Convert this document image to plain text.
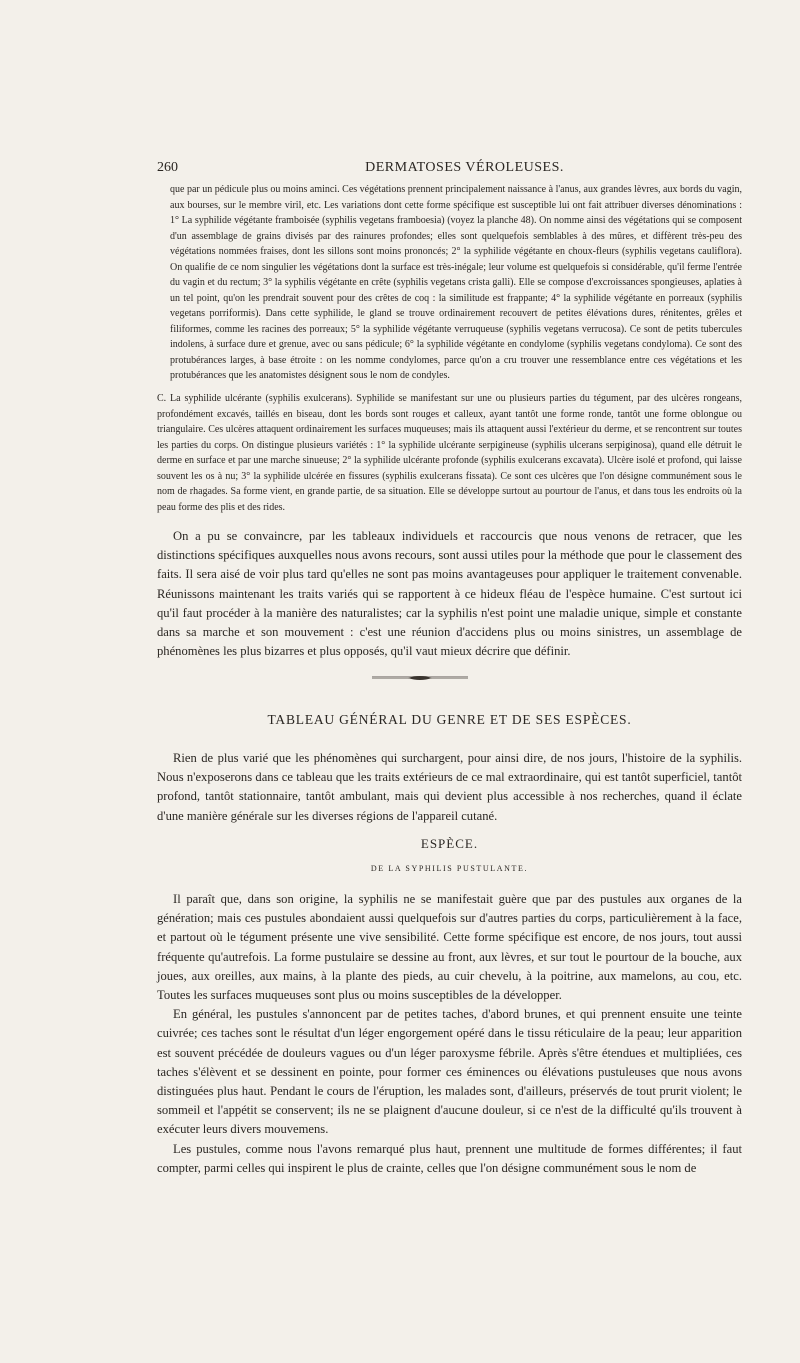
260	DERMATOSES VÉROLEUSES.

que par un pédicule plus ou moins aminci. Ces végétations prennent principalement naissance à l'anus, aux grandes lèvres, aux bords du vagin, aux bourses, sur le membre viril, etc. Les variations dont cette forme spécifique est susceptible lui ont fait attribuer diverses dénominations : 1° La syphilide végétante framboisée (syphilis vegetans framboesia) (voyez la planche 48). On nomme ainsi des végétations qui se composent d'un assemblage de grains divisés par des rainures profondes; elles sont quelquefois semblables à des mûres, et diffèrent très-peu des végétations nommées fraises, dont les sillons sont moins prononcés; 2° la syphilide végétante en choux-fleurs (syphilis vegetans cauliflora). On qualifie de ce nom singulier les végétations dont la surface est très-inégale; leur volume est quelquefois si considérable, qu'il ferme l'entrée du vagin et du rectum; 3° la syphilis végétante en crête (syphilis vegetans crista galli). Elle se compose d'excroissances spongieuses, aplaties à un tel point, qu'on les prendrait souvent pour des crêtes de coq : la similitude est frappante; 4° la syphilide végétante en porreaux (syphilis vegetans porriformis). Dans cette syphilide, le gland se trouve ordinairement recouvert de petites élévations dures, rénitentes, grêles et filiformes, comme les racines des porreaux; 5° la syphilide végétante verruqueuse (syphilis vegetans verrucosa). Ce sont de petits tubercules indolens, à surface dure et grenue, avec ou sans pédicule; 6° la syphilide végétante en condylome (syphilis vegetans condyloma). Ce sont des protubérances larges, à base étroite : on les nomme condylomes, parce qu'on a cru trouver une ressemblance entre ces végétations et les protubérances que les anatomistes désignent sous le nom de condyles.

C. La syphilide ulcérante (syphilis exulcerans). Syphilide se manifestant sur une ou plusieurs parties du tégument, par des ulcères rongeans, profondément excavés, taillés en biseau, dont les bords sont rouges et calleux, ayant tantôt une forme ronde, tantôt une forme oblongue ou triangulaire. Ces ulcères attaquent ordinairement les surfaces muqueuses; mais ils attaquent aussi l'extérieur du derme, et se rencontrent sur toutes les parties du corps. On distingue plusieurs variétés : 1° la syphilide ulcérante serpigineuse (syphilis ulcerans serpiginosa), quand elle détruit le derme en surface et par une marche sinueuse; 2° la syphilide ulcérante profonde (syphilis exulcerans excavata). Ulcère isolé et profond, qui laisse souvent les os à nu; 3° la syphilide ulcérée en fissures (syphilis exulcerans fissata). Ce sont ces ulcères que l'on désigne communément sous le nom de rhagades. Sa forme vient, en grande partie, de sa situation. Elle se développe surtout au pourtour de l'anus, et dans tous les endroits où la peau forme des plis et des rides.

On a pu se convaincre, par les tableaux individuels et raccourcis que nous venons de retracer, que les distinctions spécifiques auxquelles nous avons recours, sont aussi utiles pour la méthode que pour le classement des faits. Il sera aisé de voir plus tard qu'elles ne sont pas moins avantageuses pour appliquer le traitement convenable. Réunissons maintenant les traits variés qui se rapportent à ce hideux fléau de l'espèce humaine. C'est surtout ici qu'il faut procéder à la manière des naturalistes; car la syphilis n'est point une maladie unique, simple et constante dans sa marche et son mouvement : c'est une réunion d'accidens plus ou moins sinistres, un assemblage de phénomènes les plus bizarres et plus opposés, qu'il vaut mieux décrire que définir.

TABLEAU GÉNÉRAL DU GENRE ET DE SES ESPÈCES.

Rien de plus varié que les phénomènes qui surchargent, pour ainsi dire, de nos jours, l'histoire de la syphilis. Nous n'exposerons dans ce tableau que les traits extérieurs de ce mal extraordinaire, qui est tantôt superficiel, tantôt profond, tantôt stationnaire, tantôt ambulant, mais qui devient plus accessible à nos recherches, quand il éclate d'une manière générale sur les diverses régions de l'appareil cutané.

ESPÈCE.
DE LA SYPHILIS PUSTULANTE.

Il paraît que, dans son origine, la syphilis ne se manifestait guère que par des pustules aux organes de la génération; mais ces pustules abondaient aussi quelquefois sur d'autres parties du corps, particulièrement à la face, et partout où le tégument présente une vive sensibilité. Cette forme spécifique est encore, de nos jours, tout aussi fréquente qu'autrefois. La forme pustulaire se dessine au front, aux lèvres, et sur tout le pourtour de la bouche, aux joues, aux oreilles, aux mains, à la plante des pieds, au cuir chevelu, à la poitrine, aux mamelons, au cou, etc. Toutes les surfaces muqueuses sont plus ou moins susceptibles de la développer.

En général, les pustules s'annoncent par de petites taches, d'abord brunes, et qui prennent ensuite une teinte cuivrée; ces taches sont le résultat d'un léger engorgement opéré dans le tissu réticulaire de la peau; leur apparition est souvent précédée de douleurs vagues ou d'un léger paroxysme fébrile. Après s'être étendues et multipliées, ces taches s'élèvent et se dessinent en pointe, pour former ces éminences ou élévations pustuleuses que nous avons distinguées plus haut. Pendant le cours de l'éruption, les malades sont, d'ailleurs, préservés de tout prurit violent; le sommeil et l'appétit se conservent; ils ne se plaignent d'aucune douleur, si ce n'est de la difficulté qu'ils trouvent à exécuter leurs divers mouvemens.

Les pustules, comme nous l'avons remarqué plus haut, prennent une multitude de formes différentes; il faut compter, parmi celles qui inspirent le plus de crainte, celles que l'on désigne communément sous le nom de
